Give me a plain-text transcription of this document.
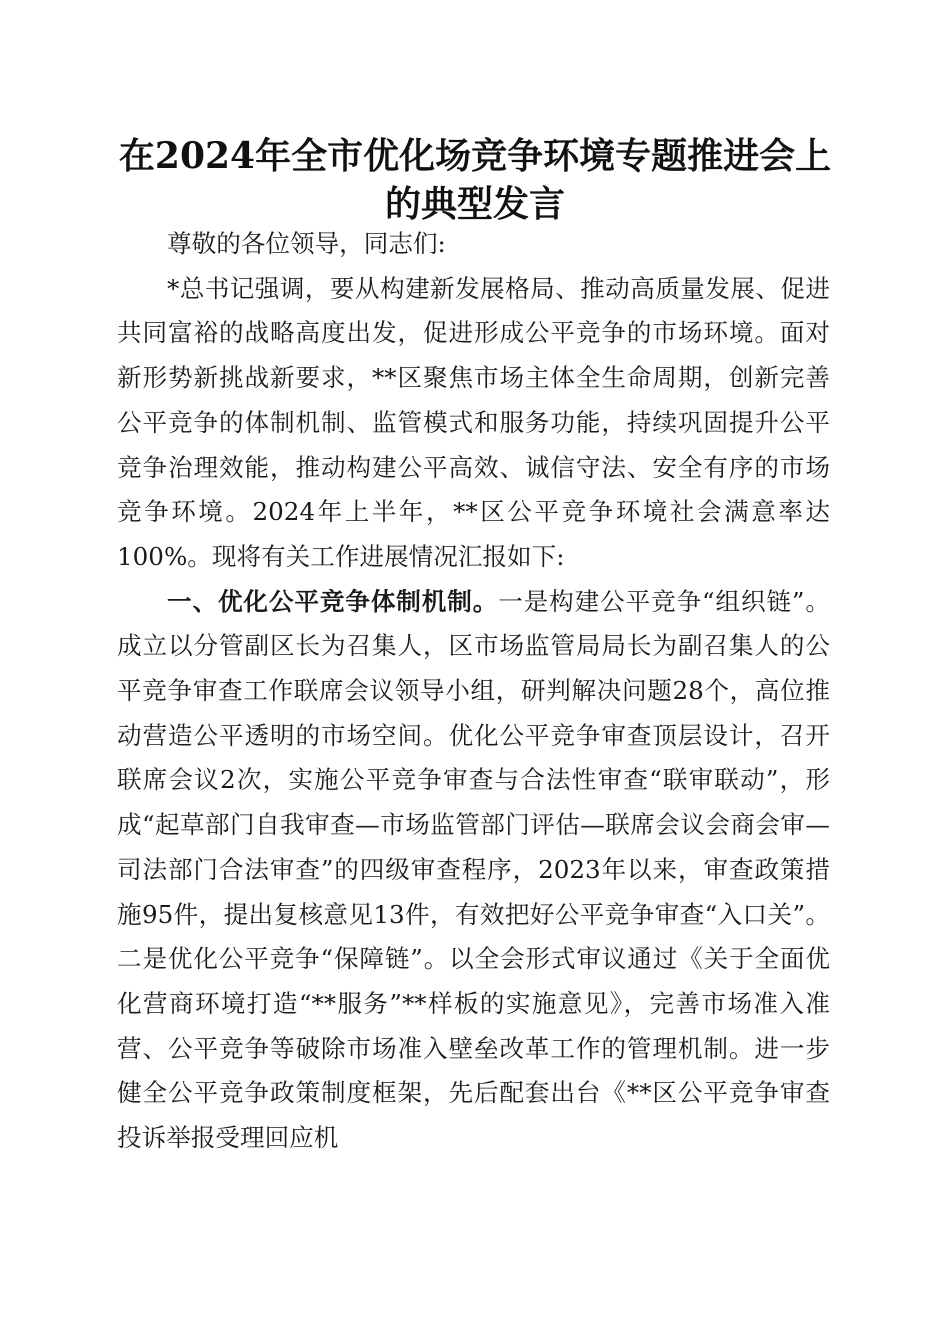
在2024年全市优化场竞争环境专题推进会上
的典型发言

尊敬的各位领导，同志们:

*总书记强调，要从构建新发展格局、推动高质量发展、促进共同富裕的战略高度出发，促进形成公平竞争的市场环境。面对新形势新挑战新要求，**区聚焦市场主体全生命周期，创新完善公平竞争的体制机制、监管模式和服务功能，持续巩固提升公平竞争治理效能，推动构建公平高效、诚信守法、安全有序的市场竞争环境。2024年上半年，**区公平竞争环境社会满意率达100%。现将有关工作进展情况汇报如下:

一、优化公平竞争体制机制。一是构建公平竞争“组织链”。成立以分管副区长为召集人，区市场监管局局长为副召集人的公平竞争审查工作联席会议领导小组，研判解决问题28个，高位推动营造公平透明的市场空间。优化公平竞争审查顶层设计，召开联席会议2次，实施公平竞争审查与合法性审查“联审联动”，形成“起草部门自我审查—市场监管部门评估—联席会议会商会审—司法部门合法审查”的四级审查程序，2023年以来，审查政策措施95件，提出复核意见13件，有效把好公平竞争审查“入口关”。二是优化公平竞争“保障链”。以全会形式审议通过《关于全面优化营商环境打造“**服务”**样板的实施意见》，完善市场准入准营、公平竞争等破除市场准入壁垒改革工作的管理机制。进一步健全公平竞争政策制度框架，先后配套出台《**区公平竞争审查投诉举报受理回应机
